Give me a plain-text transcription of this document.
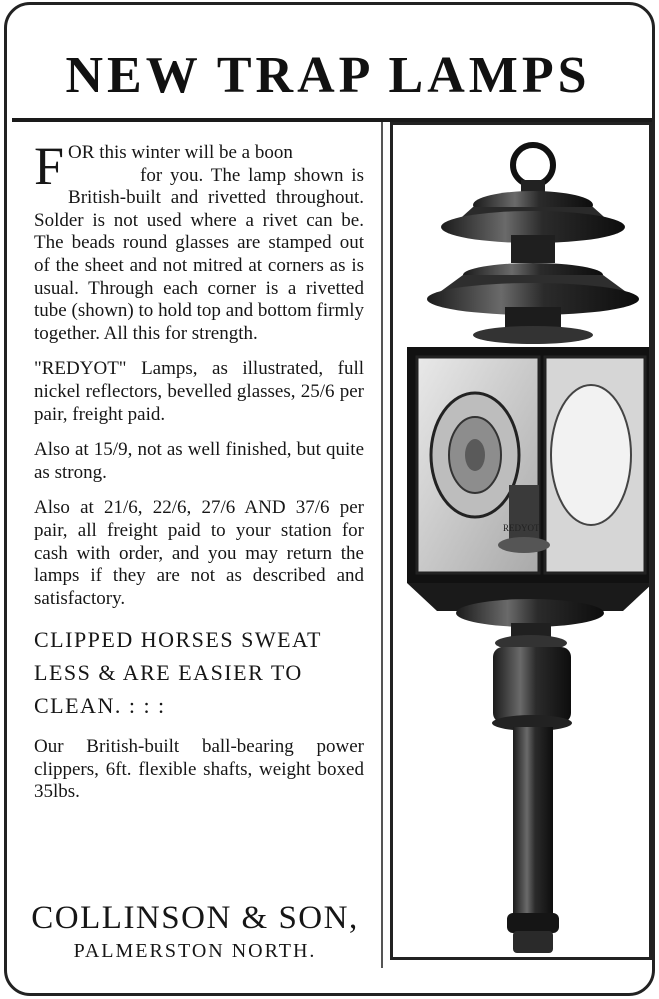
NEW TRAP LAMPS

FOR this winter will be a boon
for you. The lamp shown is British-built and rivetted throughout. Solder is not used where a rivet can be. The beads round glasses are stamped out of the sheet and not mitred at corners as is usual. Through each corner is a rivetted tube (shown) to hold top and bottom firmly together. All this for strength.

"REDYOT" Lamps, as illustrated, full nickel reflectors, bevelled glasses, 25/6 per pair, freight paid.

Also at 15/9, not as well finished, but quite as strong.

Also at 21/6, 22/6, 27/6 AND 37/6 per pair, all freight paid to your station for cash with order, and you may return the lamps if they are not as described and satisfactory.

CLIPPED HORSES SWEAT LESS & ARE EASIER TO CLEAN. : : :

Our British-built ball-bearing power clippers, 6ft. flexible shafts, weight boxed 35lbs.

COLLINSON & SON,
PALMERSTON NORTH.
REDYOT
